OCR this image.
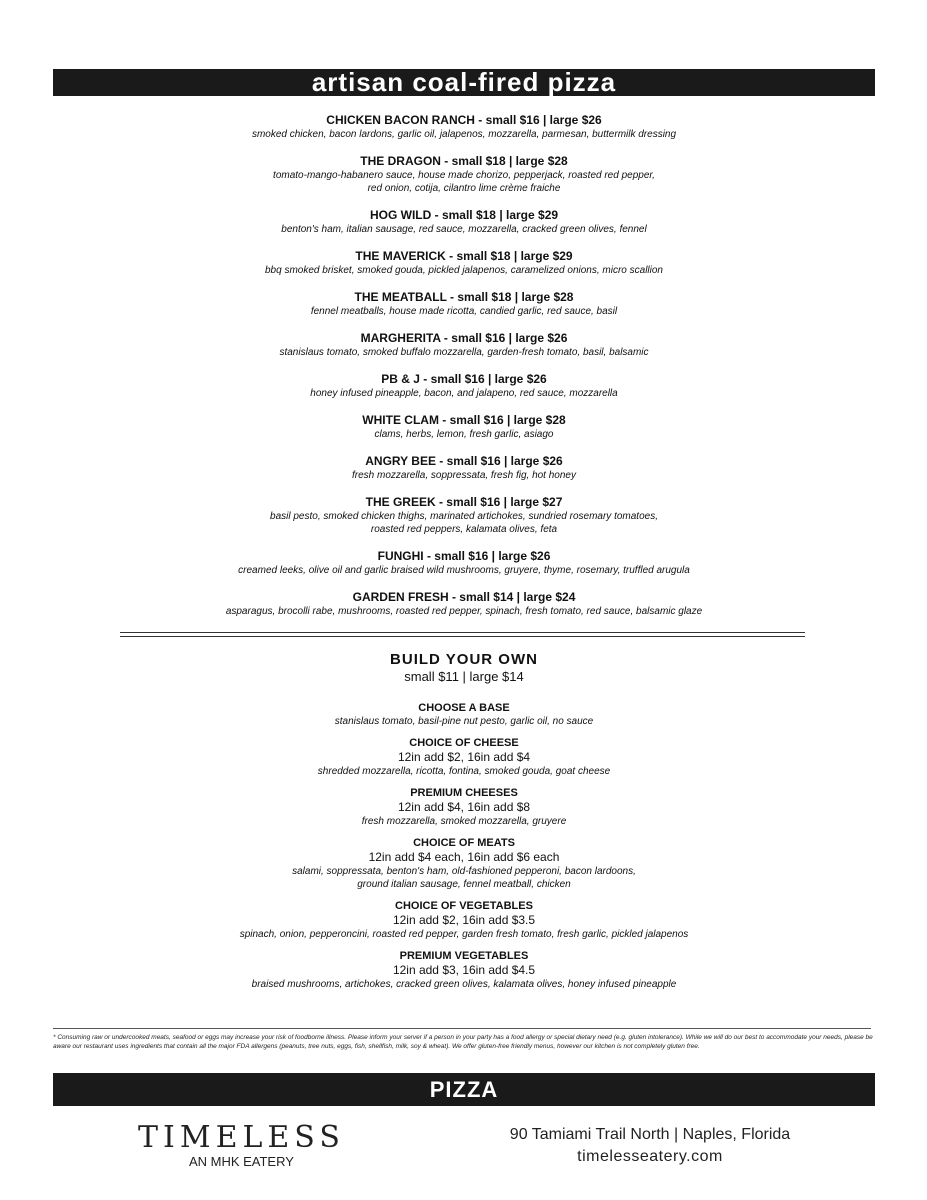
artisan coal-fired pizza
CHICKEN BACON RANCH - small $16 | large $26
smoked chicken, bacon lardons, garlic oil, jalapenos, mozzarella, parmesan, buttermilk dressing
THE DRAGON - small $18 | large $28
tomato-mango-habanero sauce, house made chorizo, pepperjack, roasted red pepper,
red onion, cotija, cilantro lime crème fraiche
HOG WILD - small $18 | large $29
benton's ham, italian sausage, red sauce, mozzarella, cracked green olives, fennel
THE MAVERICK - small $18 | large $29
bbq smoked brisket, smoked gouda, pickled jalapenos, caramelized onions, micro scallion
THE MEATBALL - small $18 | large $28
fennel meatballs, house made ricotta, candied garlic, red sauce, basil
MARGHERITA - small $16 | large $26
stanislaus tomato, smoked buffalo mozzarella, garden-fresh tomato, basil, balsamic
PB & J - small $16 | large $26
honey infused pineapple, bacon, and jalapeno, red sauce, mozzarella
WHITE CLAM - small $16 | large $28
clams, herbs, lemon, fresh garlic, asiago
ANGRY BEE - small $16 | large $26
fresh mozzarella, soppressata, fresh fig, hot honey
THE GREEK - small $16 | large $27
basil pesto, smoked chicken thighs, marinated artichokes, sundried rosemary tomatoes,
roasted red peppers, kalamata olives, feta
FUNGHI - small $16 | large $26
creamed leeks, olive oil and garlic braised wild mushrooms, gruyere, thyme, rosemary, truffled arugula
GARDEN FRESH - small $14 | large $24
asparagus, brocolli rabe, mushrooms, roasted red pepper, spinach, fresh tomato, red sauce, balsamic glaze
BUILD YOUR OWN
small $11 | large $14
CHOOSE A BASE
stanislaus tomato, basil-pine nut pesto, garlic oil, no sauce
CHOICE OF CHEESE
12in add $2, 16in add $4
shredded mozzarella, ricotta, fontina, smoked gouda, goat cheese
PREMIUM CHEESES
12in add $4, 16in add $8
fresh mozzarella, smoked mozzarella, gruyere
CHOICE OF MEATS
12in add $4 each, 16in add $6 each
salami, soppressata, benton's ham, old-fashioned pepperoni, bacon lardoons,
ground italian sausage, fennel meatball, chicken
CHOICE OF VEGETABLES
12in add $2, 16in add $3.5
spinach, onion, pepperoncini, roasted red pepper, garden fresh tomato, fresh garlic, pickled jalapenos
PREMIUM VEGETABLES
12in add $3, 16in add $4.5
braised mushrooms, artichokes, cracked green olives, kalamata olives, honey infused pineapple
* Consuming raw or undercooked meats, seafood or eggs may increase your risk of foodborne illness. Please inform your server if a person in your party has a food allergy or special dietary need (e.g. gluten intolerance). While we will do our best to accommodate your needs, please be aware our restaurant uses ingredients that contain all the major FDA allergens (peanuts, tree nuts, eggs, fish, shellfish, milk, soy & wheat). We offer gluten-free friendly menus, however our kitchen is not completely gluten free.
PIZZA
TIMELESS
AN MHK EATERY
90 Tamiami Trail North | Naples, Florida
timelesseatery.com
